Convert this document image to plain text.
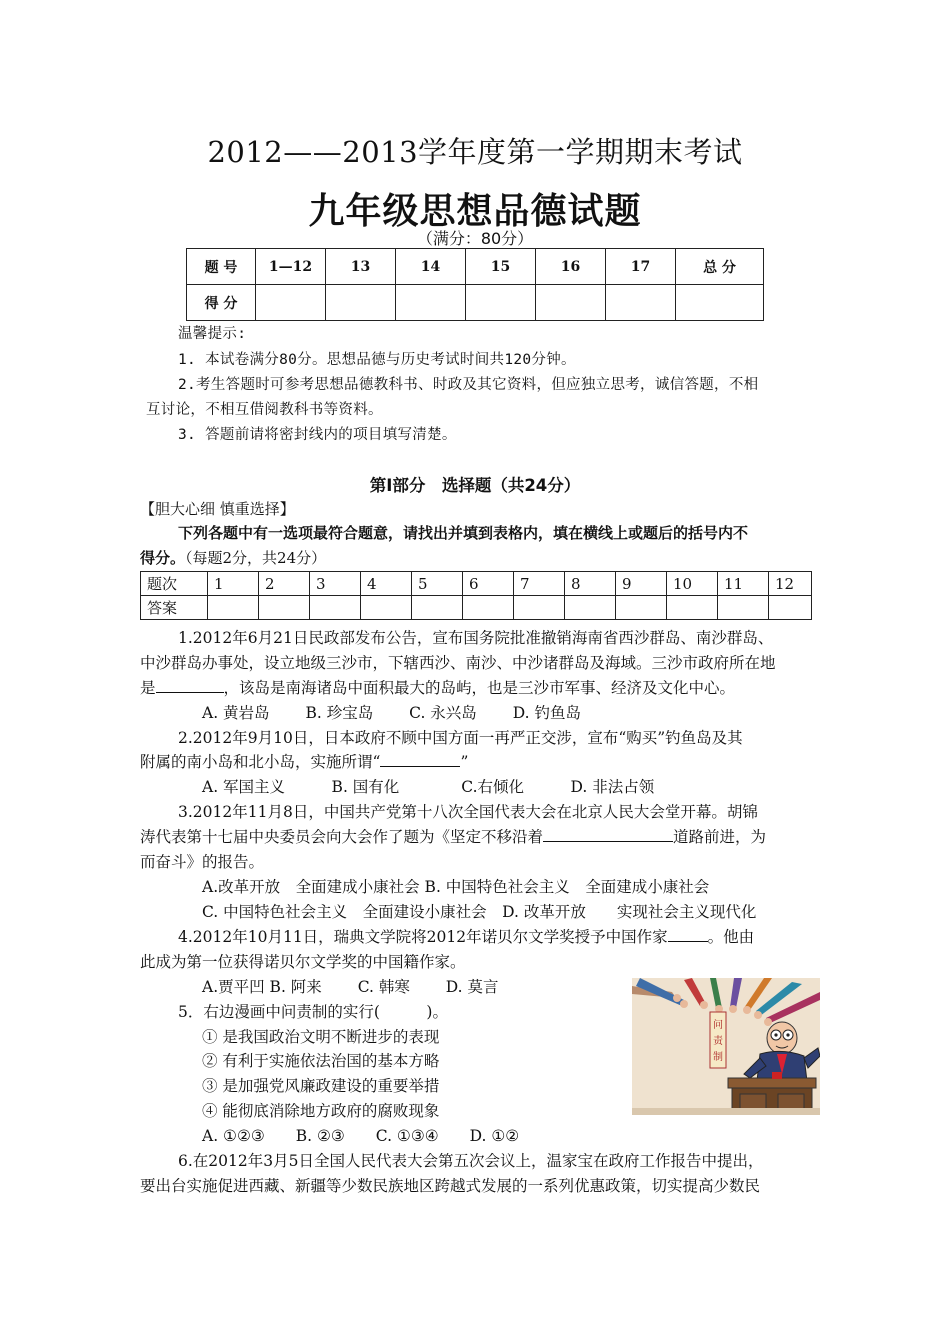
2012——2013学年度第一学期期末考试
九年级思想品德试题
（满分：80分）
题 号	1—12	13	14	15	16	17	总 分
得 分							
温馨提示:
1. 本试卷满分80分。思想品德与历史考试时间共120分钟。
2.考生答题时可参考思想品德教科书、时政及其它资料，但应独立思考，诚信答题，不相
互讨论，不相互借阅教科书等资料。
3. 答题前请将密封线内的项目填写清楚。
第Ⅰ部分　选择题（共24分）
【胆大心细 慎重选择】
下列各题中有一选项最符合题意，请找出并填到表格内，填在横线上或题后的括号内不
得分。（每题2分，共24分）
题次	1	2	3	4	5	6	7	8	9	10	11	12
答案												
1.2012年6月21日民政部发布公告，宣布国务院批准撤销海南省西沙群岛、南沙群岛、
中沙群岛办事处，设立地级三沙市，下辖西沙、南沙、中沙诸群岛及海域。三沙市政府所在地
是	，该岛是南海诸岛中面积最大的岛屿，也是三沙市军事、经济及文化中心。
A. 黄岩岛　　 B. 珍宝岛　　 C. 永兴岛　　 D. 钓鱼岛
2.2012年9月10日，日本政府不顾中国方面一再严正交涉，宣布“购买”钓鱼岛及其
附属的南小岛和北小岛，实施所谓“	”
A. 军国主义　　　B. 国有化　　　　C.右倾化　　　D. 非法占领
3.2012年11月8日，中国共产党第十八次全国代表大会在北京人民大会堂开幕。胡锦
涛代表第十七届中央委员会向大会作了题为《坚定不移沿着	道路前进，为
而奋斗》的报告。
A.改革开放　全面建成小康社会 B. 中国特色社会主义　全面建成小康社会
C. 中国特色社会主义　全面建设小康社会　D. 改革开放　　实现社会主义现代化
4.2012年10月11日，瑞典文学院将2012年诺贝尔文学奖授予中国作家	。他由
此成为第一位获得诺贝尔文学奖的中国籍作家。
A.贾平凹 B. 阿来　　 C. 韩寒　　 D. 莫言
5．右边漫画中问责制的实行(　　　)。
① 是我国政治文明不断进步的表现
② 有利于实施依法治国的基本方略
③ 是加强党风廉政建设的重要举措
④ 能彻底消除地方政府的腐败现象
A. ①②③　　B. ②③　　C. ①③④　　D. ①②
6.在2012年3月5日全国人民代表大会第五次会议上，温家宝在政府工作报告中提出，
要出台实施促进西藏、新疆等少数民族地区跨越式发展的一系列优惠政策，切实提高少数民
问
责
制
